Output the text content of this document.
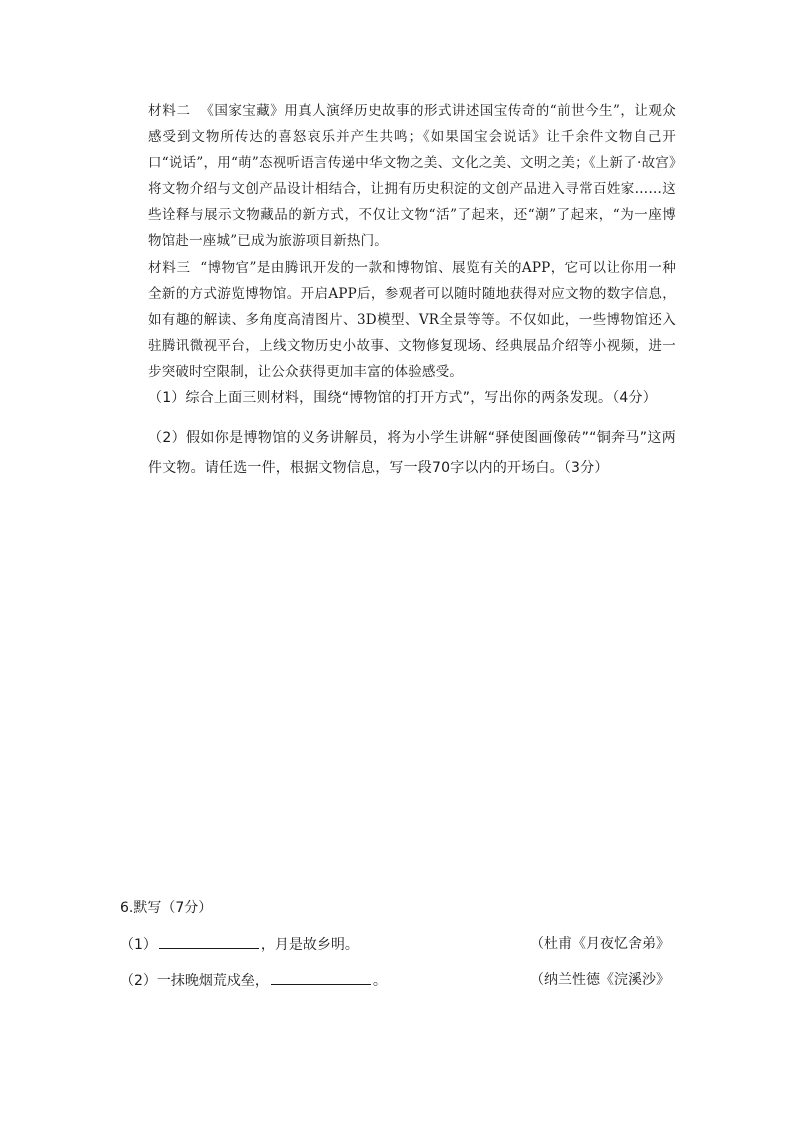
材料二 《国家宝藏》用真人演绎历史故事的形式讲述国宝传奇的“前世今生”，让观众感受到文物所传达的喜怒哀乐并产生共鸣；《如果国宝会说话》让千余件文物自己开口“说话”，用“萌”态视听语言传递中华文物之美、文化之美、文明之美；《上新了·故宫》将文物介绍与文创产品设计相结合，让拥有历史积淀的文创产品进入寻常百姓家……这些诠释与展示文物藏品的新方式，不仅让文物“活”了起来，还“潮”了起来，“为一座博物馆赴一座城”已成为旅游项目新热门。
材料三 “博物官”是由腾讯开发的一款和博物馆、展览有关的APP，它可以让你用一种全新的方式游览博物馆。开启APP后，参观者可以随时随地获得对应文物的数字信息，如有趣的解读、多角度高清图片、3D模型、VR全景等等。不仅如此，一些博物馆还入驻腾讯微视平台，上线文物历史小故事、文物修复现场、经典展品介绍等小视频，进一步突破时空限制，让公众获得更加丰富的体验感受。
（1）综合上面三则材料，围绕“博物馆的打开方式”，写出你的两条发现。（4分）
（2）假如你是博物馆的义务讲解员，将为小学生讲解“驿使图画像砖”“铜奔马”这两件文物。请任选一件，根据文物信息，写一段70字以内的开场白。（3分）
6.默写（7分）
（1）	，月是故乡明。	（杜甫《月夜忆舍弟》
（2）一抹晚烟荒戍垒，	。	（纳兰性德《浣溪沙》
